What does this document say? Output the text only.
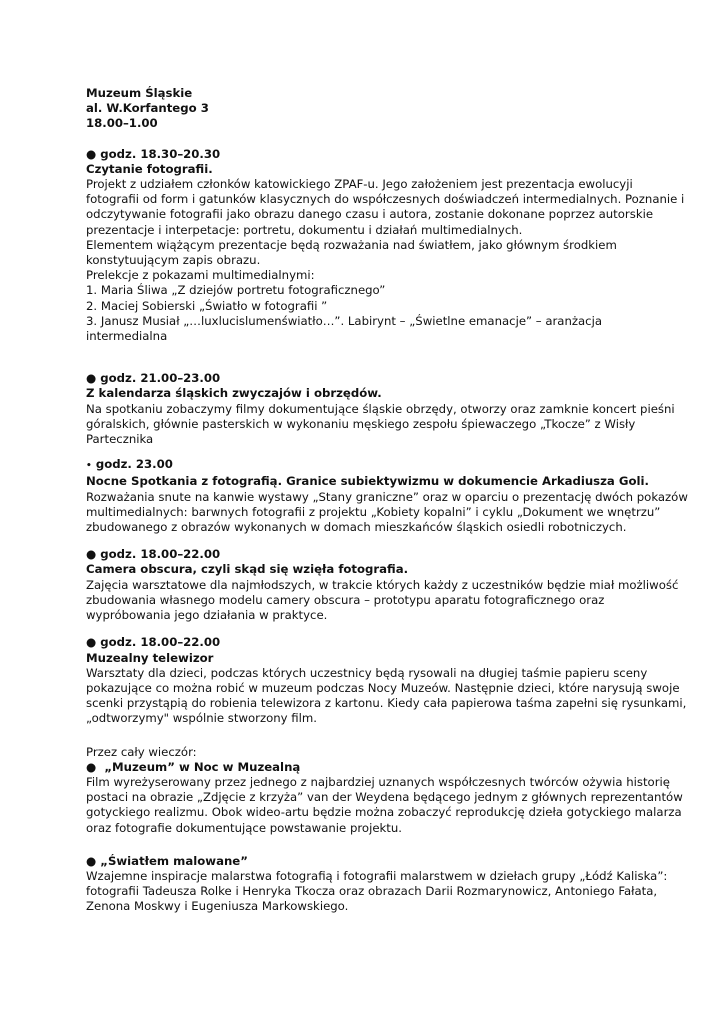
Muzeum Śląskie
al. W.Korfantego 3
18.00–1.00
● godz. 18.30–20.30
Czytanie fotografii.
Projekt z udziałem członków katowickiego ZPAF-u. Jego założeniem jest prezentacja ewolucyji
fotografii od form i gatunków klasycznych do współczesnych doświadczeń intermedialnych. Poznanie i
odczytywanie fotografii jako obrazu danego czasu i autora, zostanie dokonane poprzez autorskie
prezentacje i interpetacje: portretu, dokumentu i działań multimedialnych.
Elementem wiążącym prezentacje będą rozważania nad światłem, jako głównym środkiem
konstytuującym zapis obrazu.
Prelekcje z pokazami multimedialnymi:
1. Maria Śliwa „Z dziejów portretu fotograficznego”
2. Maciej Sobierski „Światło w fotografii ”
3. Janusz Musiał „…luxlucislumenświatło…”. Labirynt – „Świetlne emanacje” – aranżacja
intermedialna
● godz. 21.00–23.00
Z kalendarza śląskich zwyczajów i obrzędów.
Na spotkaniu zobaczymy filmy dokumentujące śląskie obrzędy, otworzy oraz zamknie koncert pieśni
góralskich, głównie pasterskich w wykonaniu męskiego zespołu śpiewaczego „Tkocze” z Wisły
Partecznika
• godz. 23.00
Nocne Spotkania z fotografią. Granice subiektywizmu w dokumencie Arkadiusza Goli.
Rozważania snute na kanwie wystawy „Stany graniczne” oraz w oparciu o prezentację dwóch pokazów
multimedialnych: barwnych fotografii z projektu „Kobiety kopalni” i cyklu „Dokument we wnętrzu”
zbudowanego z obrazów wykonanych w domach mieszkańców śląskich osiedli robotniczych.
● godz. 18.00–22.00
Camera obscura, czyli skąd się wzięła fotografia.
Zajęcia warsztatowe dla najmłodszych, w trakcie których każdy z uczestników będzie miał możliwość
zbudowania własnego modelu camery obscura – prototypu aparatu fotograficznego oraz
wypróbowania jego działania w praktyce.
● godz. 18.00–22.00
Muzealny telewizor
Warsztaty dla dzieci, podczas których uczestnicy będą rysowali na długiej taśmie papieru sceny
pokazujące co można robić w muzeum podczas Nocy Muzeów. Następnie dzieci, które narysują swoje
scenki przystąpią do robienia telewizora z kartonu. Kiedy cała papierowa taśma zapełni się rysunkami,
„odtworzymy" wspólnie stworzony film.
Przez cały wieczór:
● „Muzeum” w Noc w Muzealną
Film wyreżyserowany przez jednego z najbardziej uznanych współczesnych twórców ożywia historię
postaci na obrazie „Zdjęcie z krzyża” van der Weydena będącego jednym z głównych reprezentantów
gotyckiego realizmu. Obok wideo-artu będzie można zobaczyć reprodukcję dzieła gotyckiego malarza
oraz fotografie dokumentujące powstawanie projektu.
● „Światłem malowane”
Wzajemne inspiracje malarstwa fotografią i fotografii malarstwem w dziełach grupy „Łódź Kaliska”:
fotografii Tadeusza Rolke i Henryka Tkocza oraz obrazach Darii Rozmarynowicz, Antoniego Fałata,
Zenona Moskwy i Eugeniusza Markowskiego.
